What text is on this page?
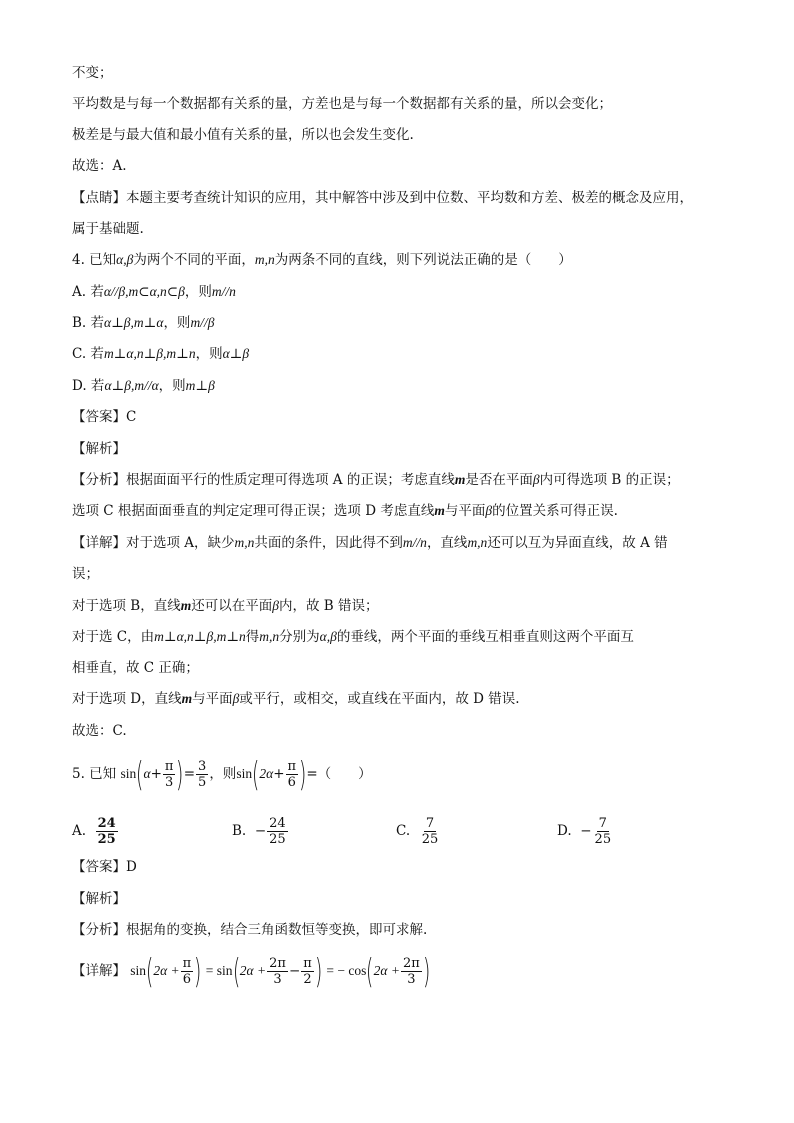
不变；
平均数是与每一个数据都有关系的量，方差也是与每一个数据都有关系的量，所以会变化；
极差是与最大值和最小值有关系的量，所以也会发生变化.
故选：A.
【点睛】本题主要考查统计知识的应用，其中解答中涉及到中位数、平均数和方差、极差的概念及应用，
属于基础题.
4. 已知α,β为两个不同的平面，m,n为两条不同的直线，则下列说法正确的是（　　）
A. 若α//β,m⊂α,n⊂β，则m//n
B. 若α⊥β,m⊥α，则m//β
C. 若m⊥α,n⊥β,m⊥n，则α⊥β
D. 若α⊥β,m//α，则m⊥β
【答案】C
【解析】
【分析】根据面面平行的性质定理可得选项 A 的正误；考虑直线m是否在平面β内可得选项 B 的正误；
选项 C 根据面面垂直的判定定理可得正误；选项 D 考虑直线m与平面β的位置关系可得正误.
【详解】对于选项 A，缺少m,n共面的条件，因此得不到m//n，直线m,n还可以互为异面直线，故 A 错
误；
对于选项 B，直线m还可以在平面β内，故 B 错误；
对于选 C，由m⊥α,n⊥β,m⊥n得m,n分别为α,β的垂线，两个平面的垂线互相垂直则这两个平面互
相垂直，故 C 正确；
对于选项 D，直线m与平面β或平行，或相交，或直线在平面内，故 D 错误.
故选：C.
5. 已知 $\sin(\alpha+ \frac{\pi}{3}$ )= $\frac{3}{5}$ ，则$\sin(2\alpha+ \frac{\pi}{6}$ )=（　　）
A. $\frac{24}{25}$	B. − $\frac{24}{25}$	C. $\frac{7}{25}$	D. − $\frac{7}{25}$
【答案】D
【解析】
【分析】根据角的变换，结合三角函数恒等变换，即可求解.
【详解】 $\sin(2\alpha + \frac{\pi}{6}$ ) = $\sin(2\alpha + \frac{2\pi}{3} - \frac{\pi}{2}$ ) = − $\cos(2\alpha + \frac{2\pi}{3}$ )
